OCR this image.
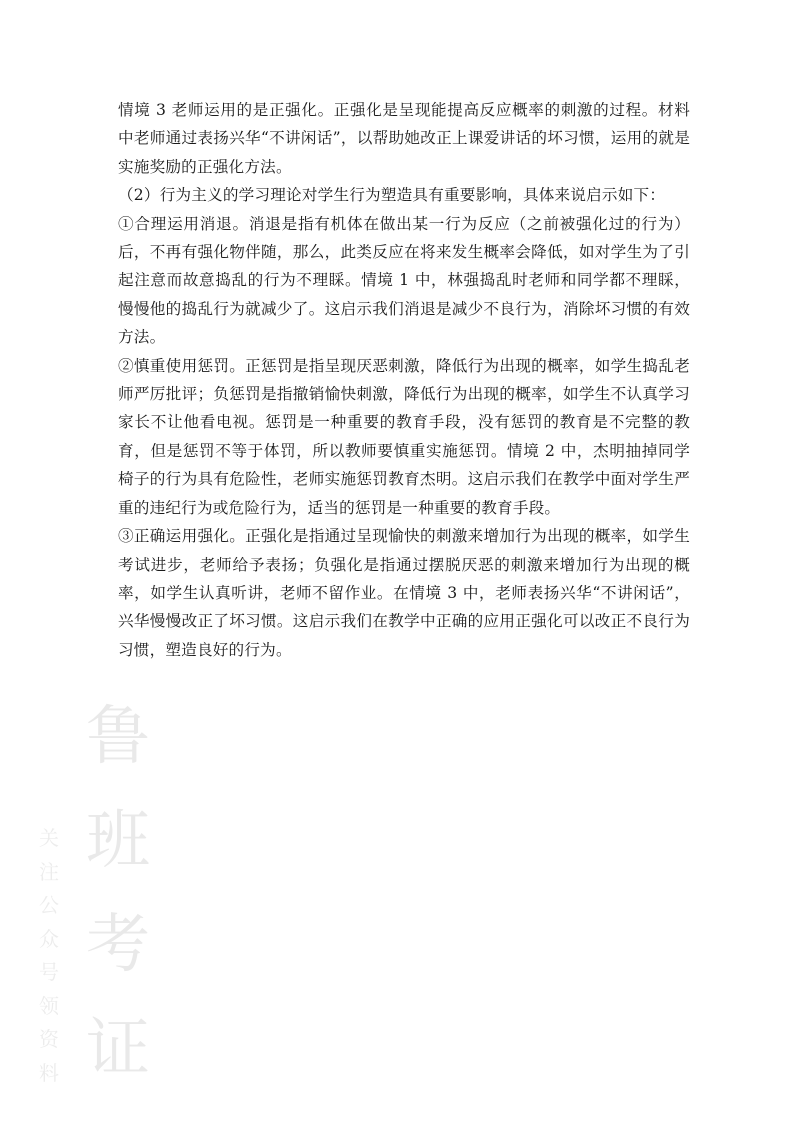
情境 3 老师运用的是正强化。正强化是呈现能提高反应概率的刺激的过程。材料中老师通过表扬兴华“不讲闲话”，以帮助她改正上课爱讲话的坏习惯，运用的就是实施奖励的正强化方法。

（2）行为主义的学习理论对学生行为塑造具有重要影响，具体来说启示如下：

①合理运用消退。消退是指有机体在做出某一行为反应（之前被强化过的行为）后，不再有强化物伴随，那么，此类反应在将来发生概率会降低，如对学生为了引起注意而故意捣乱的行为不理睬。情境 1 中，林强捣乱时老师和同学都不理睬，慢慢他的捣乱行为就减少了。这启示我们消退是减少不良行为，消除坏习惯的有效方法。

②慎重使用惩罚。正惩罚是指呈现厌恶刺激，降低行为出现的概率，如学生捣乱老师严厉批评；负惩罚是指撤销愉快刺激，降低行为出现的概率，如学生不认真学习家长不让他看电视。惩罚是一种重要的教育手段，没有惩罚的教育是不完整的教育，但是惩罚不等于体罚，所以教师要慎重实施惩罚。情境 2 中，杰明抽掉同学椅子的行为具有危险性，老师实施惩罚教育杰明。这启示我们在教学中面对学生严重的违纪行为或危险行为，适当的惩罚是一种重要的教育手段。

③正确运用强化。正强化是指通过呈现愉快的刺激来增加行为出现的概率，如学生考试进步，老师给予表扬；负强化是指通过摆脱厌恶的刺激来增加行为出现的概率，如学生认真听讲，老师不留作业。在情境 3 中，老师表扬兴华“不讲闲话”，兴华慢慢改正了坏习惯。这启示我们在教学中正确的应用正强化可以改正不良行为习惯，塑造良好的行为。

鲁
班
考
证
关
注
公
众
号
领
资
料
